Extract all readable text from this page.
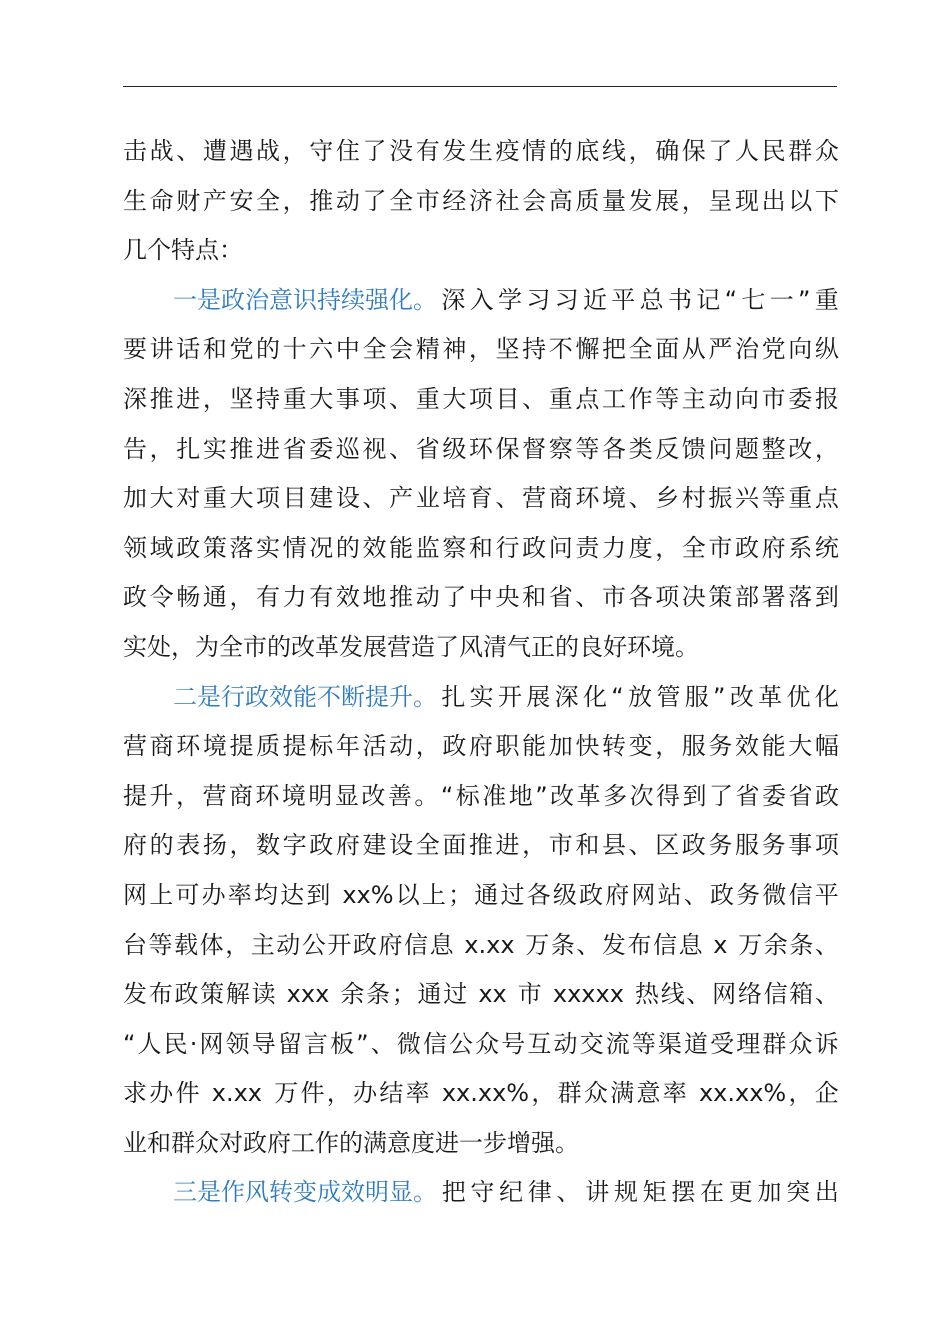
击 战 、 遭 遇 战 ， 守 住 了 没 有 发 生 疫 情 的 底 线 ， 确 保 了 人 民 群 众
生 命 财 产 安 全 ， 推 动 了 全 市 经 济 社 会 高 质 量 发 展 ， 呈 现 出 以 下
几个特点：
一是政治意识持续强化。 深 入 学 习 习 近 平 总 书 记 “ 七 一 ” 重
要 讲 话 和 党 的 十 六 中 全 会 精 神 ， 坚 持 不 懈 把 全 面 从 严 治 党 向 纵
深 推 进 ， 坚 持 重 大 事 项 、 重 大 项 目 、 重 点 工 作 等 主 动 向 市 委 报
告 ， 扎 实 推 进 省 委 巡 视 、 省 级 环 保 督 察 等 各 类 反 馈 问 题 整 改 ，
加 大 对 重 大 项 目 建 设 、 产 业 培 育 、 营 商 环 境 、 乡 村 振 兴 等 重 点
领 域 政 策 落 实 情 况 的 效 能 监 察 和 行 政 问 责 力 度 ， 全 市 政 府 系 统
政 令 畅 通 ， 有 力 有 效 地 推 动 了 中 央 和 省 、 市 各 项 决 策 部 署 落 到
实处，为全市的改革发展营造了风清气正的良好环境。
二是行政效能不断提升。 扎 实 开 展 深 化 “ 放 管 服 ” 改 革 优 化
营 商 环 境 提 质 提 标 年 活 动 ， 政 府 职 能 加 快 转 变 ， 服 务 效 能 大 幅
提 升 ， 营 商 环 境 明 显 改 善 。 “ 标 准 地 ” 改 革 多 次 得 到 了 省 委 省 政
府 的 表 扬 ， 数 字 政 府 建 设 全 面 推 进 ， 市 和 县 、 区 政 务 服 务 事 项
网 上 可 办 率 均 达 到
xx% 以 上 ； 通 过 各 级 政 府 网 站 、 政 务 微 信 平
台 等 载 体 ， 主 动 公 开 政 府 信 息
x.xx
万 条 、 发 布 信 息
x
万 余 条 、
发 布 政 策 解 读
xxx
余 条 ； 通 过
xx
市
xxxxx
热 线 、 网 络 信 箱 、
“ 人 民 · 网 领 导 留 言 板 ” 、 微 信 公 众 号 互 动 交 流 等 渠 道 受 理 群 众 诉
求 办 件
x.xx
万 件 ， 办 结 率
xx.xx% ， 群 众 满 意 率
xx.xx% ， 企
业和群众对政府工作的满意度进一步增强。
三是作风转变成效明显。 把 守 纪 律 、 讲 规 矩 摆 在 更 加 突 出
